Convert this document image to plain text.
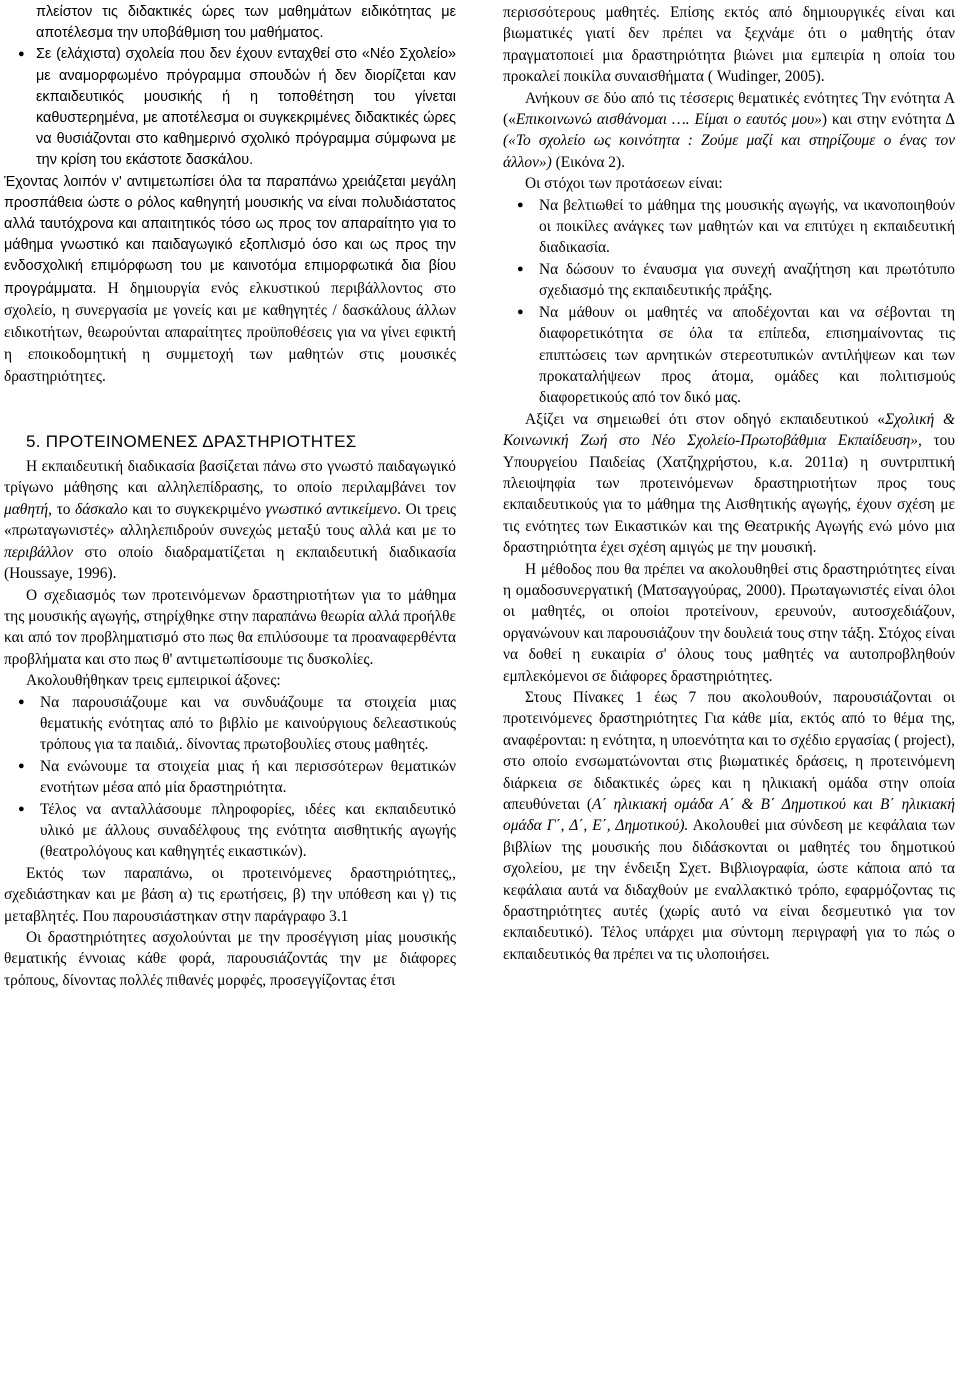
πλείστον τις διδακτικές ώρες των μαθημάτων ειδικότητας με αποτέλεσμα την υποβάθμιση του μαθήματος.
● Σε (ελάχιστα) σχολεία που δεν έχουν ενταχθεί στο «Νέο Σχολείο» με αναμορφωμένο πρόγραμμα σπουδών ή δεν διορίζεται καν εκπαιδευτικός μουσικής ή η τοποθέτηση του γίνεται καθυστερημένα, με αποτέλεσμα οι συγκεκριμένες διδακτικές ώρες να θυσιάζονται στο καθημερινό σχολικό πρόγραμμα σύμφωνα με την κρίση του εκάστοτε δασκάλου.

Έχοντας λοιπόν ν' αντιμετωπίσει όλα τα παραπάνω χρειάζεται μεγάλη προσπάθεια ώστε ο ρόλος καθηγητή μουσικής να είναι πολυδιάστατος αλλά ταυτόχρονα και απαιτητικός τόσο ως προς τον απαραίτητο για το μάθημα γνωστικό και παιδαγωγικό εξοπλισμό όσο και ως προς την ενδοσχολική επιμόρφωση του με καινοτόμα επιμορφωτικά δια βίου προγράμματα. Η δημιουργία ενός ελκυστικού περιβάλλοντος στο σχολείο, η συνεργασία με γονείς και με καθηγητές / δασκάλους άλλων ειδικοτήτων, θεωρούνται απαραίτητες προϋποθέσεις για να γίνει εφικτή η εποικοδομητική η συμμετοχή των μαθητών στις μουσικές δραστηριότητες.

5. ΠΡΟΤΕΙΝΟΜΕΝΕΣ ΔΡΑΣΤΗΡΙΟΤΗΤΕΣ

Η εκπαιδευτική διαδικασία βασίζεται πάνω στο γνωστό παιδαγωγικό τρίγωνο μάθησης και αλληλεπίδρασης, το οποίο περιλαμβάνει τον μαθητή, το δάσκαλο και το συγκεκριμένο γνωστικό αντικείμενο. Οι τρεις «πρωταγωνιστές» αλληλεπιδρούν συνεχώς μεταξύ τους αλλά και με το περιβάλλον στο οποίο διαδραματίζεται η εκπαιδευτική διαδικασία (Houssaye, 1996).

Ο σχεδιασμός των προτεινόμενων δραστηριοτήτων για το μάθημα της μουσικής αγωγής, στηρίχθηκε στην παραπάνω θεωρία αλλά προήλθε και από τον προβληματισμό στο πως θα επιλύσουμε τα προαναφερθέντα προβλήματα και στο πως θ' αντιμετωπίσουμε τις δυσκολίες.

Ακολουθήθηκαν τρεις εμπειρικοί άξονες:

● Να παρουσιάζουμε και να συνδυάζουμε τα στοιχεία μιας θεματικής ενότητας από το βιβλίο με καινούργιους δελεαστικούς τρόπους για τα παιδιά,. δίνοντας πρωτοβουλίες στους μαθητές.
● Να ενώνουμε τα στοιχεία μιας ή και περισσότερων θεματικών ενοτήτων μέσα από μία δραστηριότητα.
● Τέλος να ανταλλάσουμε πληροφορίες, ιδέες και εκπαιδευτικό υλικό με άλλους συναδέλφους της ενότητα αισθητικής αγωγής (θεατρολόγους και καθηγητές εικαστικών).

Εκτός των παραπάνω, οι προτεινόμενες δραστηριότητες,, σχεδιάστηκαν και με βάση α) τις ερωτήσεις, β) την υπόθεση και γ) τις μεταβλητές. Που παρουσιάστηκαν στην παράγραφο 3.1

Οι δραστηριότητες ασχολούνται με την προσέγγιση μίας μουσικής θεματικής έννοιας κάθε φορά, παρουσιάζοντάς την με διάφορες τρόπους, δίνοντας πολλές πιθανές μορφές, προσεγγίζοντας έτσι

περισσότερους μαθητές. Επίσης εκτός από δημιουργικές είναι και βιωματικές γιατί δεν πρέπει να ξεχνάμε ότι ο μαθητής όταν πραγματοποιεί μια δραστηριότητα βιώνει μια εμπειρία η οποία του προκαλεί ποικίλα συναισθήματα ( Wudinger, 2005).

Ανήκουν σε δύο από τις τέσσερις θεματικές ενότητες Την ενότητα Α («Επικοινωνώ αισθάνομαι …. Είμαι ο εαυτός μου») και στην ενότητα Δ («Το σχολείο ως κοινότητα : Ζούμε μαζί και στηρίζουμε ο ένας τον άλλον») (Εικόνα 2).

Οι στόχοι των προτάσεων είναι:

● Να βελτιωθεί το μάθημα της μουσικής αγωγής, να ικανοποιηθούν οι ποικίλες ανάγκες των μαθητών και να επιτύχει η εκπαιδευτική διαδικασία.
● Να δώσουν το έναυσμα για συνεχή αναζήτηση και πρωτότυπο σχεδιασμό της εκπαιδευτικής πράξης.
● Να μάθουν οι μαθητές να αποδέχονται και να σέβονται τη διαφορετικότητα σε όλα τα επίπεδα, επισημαίνοντας τις επιπτώσεις των αρνητικών στερεοτυπικών αντιλήψεων και των προκαταλήψεων προς άτομα, ομάδες και πολιτισμούς διαφορετικούς από τον δικό μας.

Αξίζει να σημειωθεί ότι στον οδηγό εκπαιδευτικού «Σχολική & Κοινωνική Ζωή στο Νέο Σχολείο-Πρωτοβάθμια Εκπαίδευση», του Υπουργείου Παιδείας (Χατζηχρήστου, κ.α. 2011α) η συντριπτική πλειοψηφία των προτεινόμενων δραστηριοτήτων προς τους εκπαιδευτικούς για το μάθημα της Αισθητικής αγωγής, έχουν σχέση με τις ενότητες των Εικαστικών και της Θεατρικής Αγωγής ενώ μόνο μια δραστηριότητα έχει σχέση αμιγώς με την μουσική.

Η μέθοδος που θα πρέπει να ακολουθηθεί στις δραστηριότητες είναι η ομαδοσυνεργατική (Ματσαγγούρας, 2000). Πρωταγωνιστές είναι όλοι οι μαθητές, οι οποίοι προτείνουν, ερευνούν, αυτοσχεδιάζουν, οργανώνουν και παρουσιάζουν την δουλειά τους στην τάξη. Στόχος είναι να δοθεί η ευκαιρία σ' όλους τους μαθητές να αυτοπροβληθούν εμπλεκόμενοι σε διάφορες δραστηριότητες.

Στους Πίνακες 1 έως 7 που ακολουθούν, παρουσιάζονται οι προτεινόμενες δραστηριότητες Για κάθε μία, εκτός από το θέμα της, αναφέρονται: η ενότητα, η υποενότητα και το σχέδιο εργασίας ( project), στο οποίο ενσωματώνονται στις βιωματικές δράσεις, η προτεινόμενη διάρκεια σε διδακτικές ώρες και η ηλικιακή ομάδα στην οποία απευθύνεται (Α΄ ηλικιακή ομάδα Α΄ & Β΄ Δημοτικού και Β΄ ηλικιακή ομάδα Γ΄, Δ΄, Ε΄, Δημοτικού). Ακολουθεί μια σύνδεση με κεφάλαια των βιβλίων της μουσικής που διδάσκονται οι μαθητές του δημοτικού σχολείου, με την ένδειξη Σχετ. Βιβλιογραφία, ώστε κάποια από τα κεφάλαια αυτά να διδαχθούν με εναλλακτικό τρόπο, εφαρμόζοντας τις δραστηριότητες αυτές (χωρίς αυτό να είναι δεσμευτικό για τον εκπαιδευτικό). Τέλος υπάρχει μια σύντομη περιγραφή για το πώς ο εκπαιδευτικός θα πρέπει να τις υλοποιήσει.
